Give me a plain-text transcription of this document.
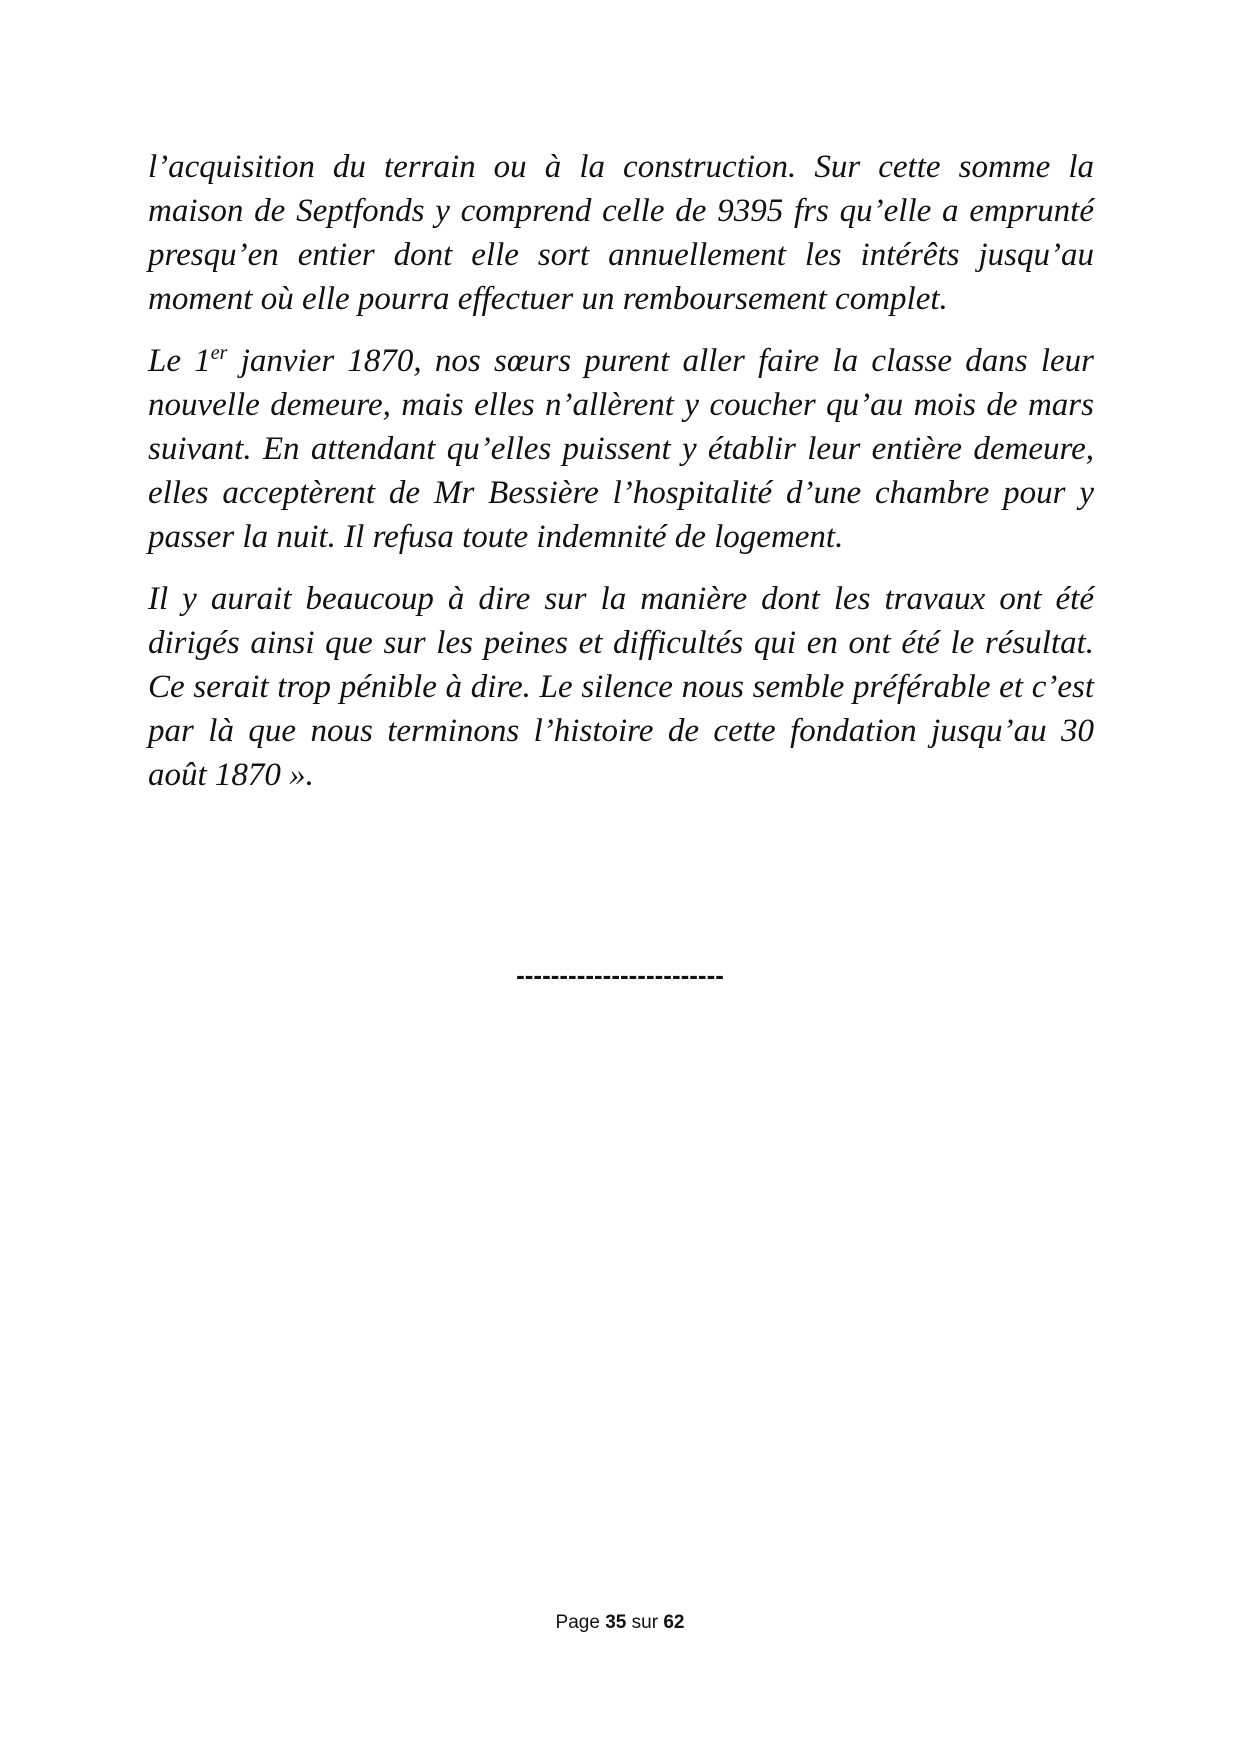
l’acquisition du terrain ou à la construction. Sur cette somme la maison de Septfonds y comprend celle de 9395 frs qu’elle a emprunté presqu’en entier dont elle sort annuellement les intérêts jusqu’au moment où elle pourra effectuer un remboursement complet.

Le 1er janvier 1870, nos sœurs purent aller faire la classe dans leur nouvelle demeure, mais elles n’allèrent y coucher qu’au mois de mars suivant. En attendant qu’elles puissent y établir leur entière demeure, elles acceptèrent de Mr Bessière l’hospitalité d’une chambre pour y passer la nuit. Il refusa toute indemnité de logement.

Il y aurait beaucoup à dire sur la manière dont les travaux ont été dirigés ainsi que sur les peines et difficultés qui en ont été le résultat. Ce serait trop pénible à dire. Le silence nous semble préférable et c’est par là que nous terminons l’histoire de cette fondation jusqu’au 30 août 1870 ».

------------------------
Page 35 sur 62
